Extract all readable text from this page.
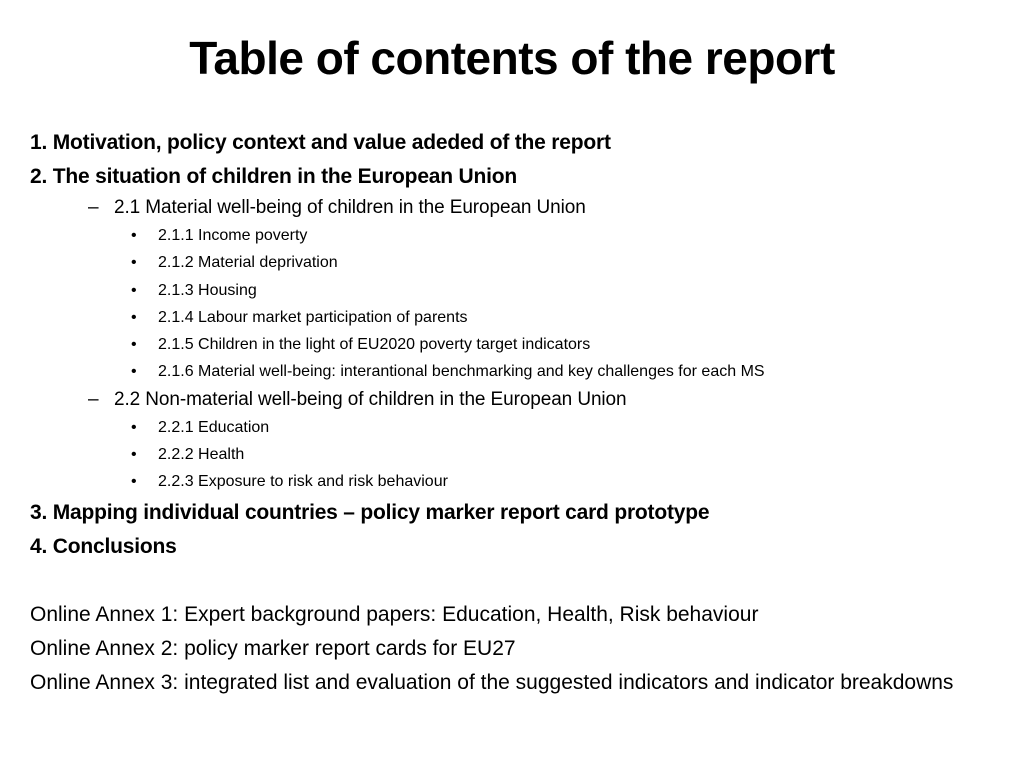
Table of contents of the report
1. Motivation, policy context and value adeded of the report
2. The situation of children in the European Union
– 2.1 Material well-being of children in the European Union
• 2.1.1 Income poverty
• 2.1.2 Material deprivation
• 2.1.3 Housing
• 2.1.4 Labour market participation of parents
• 2.1.5 Children in the light of EU2020 poverty target indicators
• 2.1.6 Material well-being: interantional benchmarking and key challenges for each MS
– 2.2 Non-material well-being of children in the European Union
• 2.2.1 Education
• 2.2.2 Health
• 2.2.3 Exposure to risk and risk behaviour
3. Mapping individual countries – policy marker report card prototype
4. Conclusions
Online Annex 1: Expert background papers: Education, Health, Risk behaviour
Online Annex 2: policy marker report cards for EU27
Online Annex 3: integrated list and evaluation of the suggested indicators and indicator breakdowns
